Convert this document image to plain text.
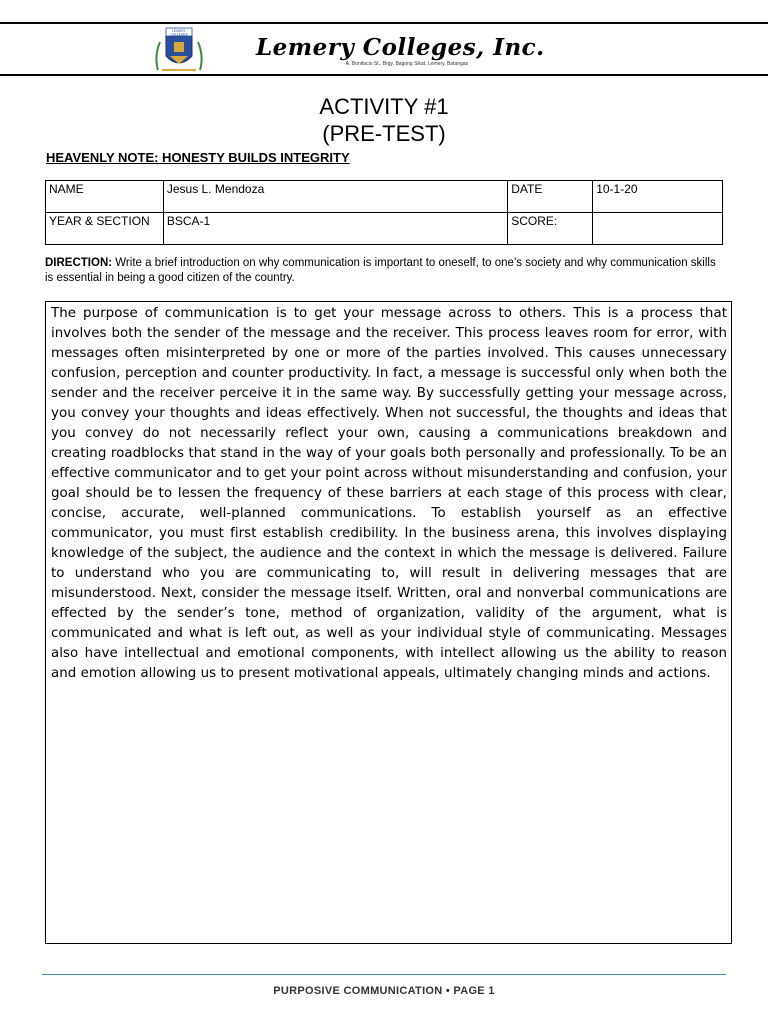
LEMERY
COLLEGES	Lemery Colleges, Inc.
A. Bonifacio St., Brgy. Bagong Sikat, Lemery, Batangas
ACTIVITY #1
(PRE-TEST)
HEAVENLY NOTE: HONESTY BUILDS INTEGRITY
NAME	Jesus L. Mendoza	DATE	10-1-20
YEAR & SECTION	BSCA-1	SCORE:	
DIRECTION: Write a brief introduction on why communication is important to oneself, to one’s society and why communication skills is essential in being a good citizen of the country.
The purpose of communication is to get your message across to others. This is a process that involves both the sender of the message and the receiver. This process leaves room for error, with messages often misinterpreted by one or more of the parties involved. This causes unnecessary confusion, perception and counter productivity. In fact, a message is successful only when both the sender and the receiver perceive it in the same way. By successfully getting your message across, you convey your thoughts and ideas effectively. When not successful, the thoughts and ideas that you convey do not necessarily reflect your own, causing a communications breakdown and creating roadblocks that stand in the way of your goals both personally and professionally. To be an effective communicator and to get your point across without misunderstanding and confusion, your goal should be to lessen the frequency of these barriers at each stage of this process with clear, concise, accurate, well-planned communications. To establish yourself as an effective communicator, you must first establish credibility. In the business arena, this involves displaying knowledge of the subject, the audience and the context in which the message is delivered. Failure to understand who you are communicating to, will result in delivering messages that are misunderstood. Next, consider the message itself. Written, oral and nonverbal communications are effected by the sender’s tone, method of organization, validity of the argument, what is communicated and what is left out, as well as your individual style of communicating. Messages also have intellectual and emotional components, with intellect allowing us the ability to reason and emotion allowing us to present motivational appeals, ultimately changing minds and actions.
PURPOSIVE COMMUNICATION • PAGE 1
